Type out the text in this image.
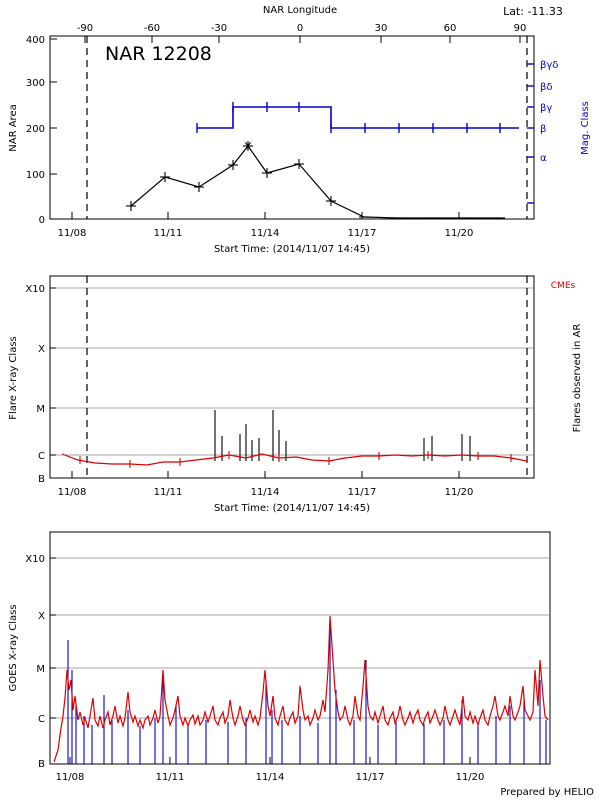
NAR Longitude	Lat: -11.33
-90	-60	-30	0	30	60	90
0
100
200
300
400
NAR Area
11/08	11/11	11/14	11/17	11/20
Start Time: (2014/11/07 14:45)
NAR 12208
βγδ
βδ
βγ
β
α
Mag. Class
X10
X
M
C
B
Flare X-ray Class
CMEs
Flares observed in AR
11/08	11/11	11/14	11/17	11/20
Start Time: (2014/11/07 14:45)
X10
X
M
C
B
GOES X-ray Class
11/08	11/11	11/14	11/17	11/20
Prepared by HELIO
